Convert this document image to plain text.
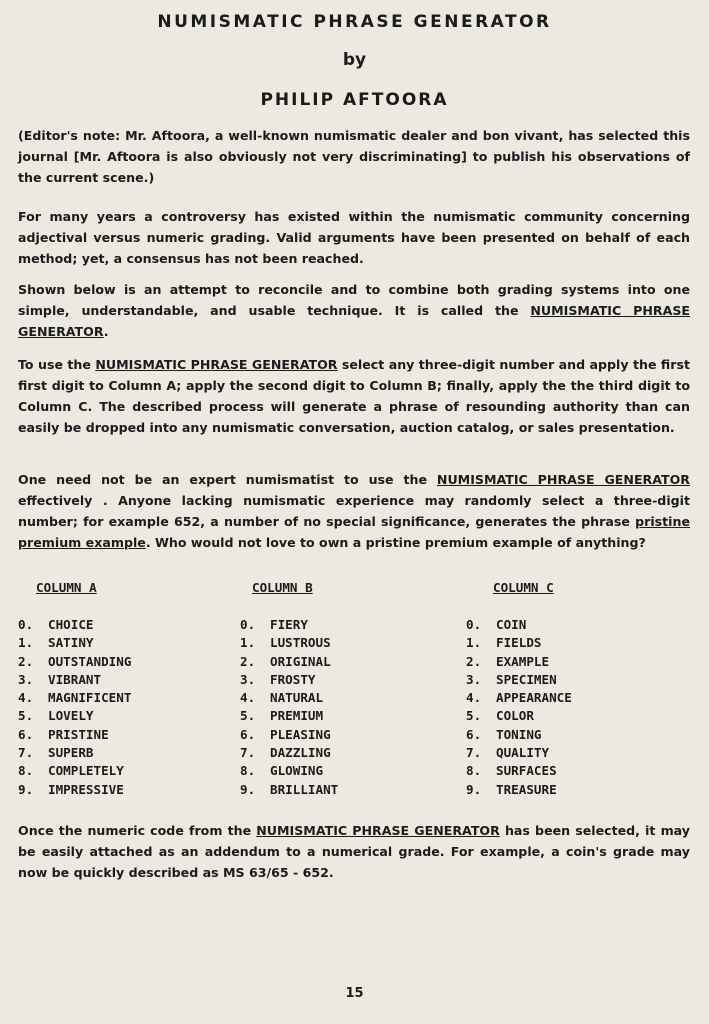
NUMISMATIC PHRASE GENERATOR
by
PHILIP AFTOORA

(Editor's note: Mr. Aftoora, a well-known numismatic dealer and bon vivant, has selected this journal [Mr. Aftoora is also obviously not very discriminating] to publish his observations of the current scene.)

For many years a controversy has existed within the numismatic community concerning adjectival versus numeric grading. Valid arguments have been presented on behalf of each method; yet, a consensus has not been reached.

Shown below is an attempt to reconcile and to combine both grading systems into one simple, understandable, and usable technique. It is called the NUMISMATIC PHRASE GENERATOR.

To use the NUMISMATIC PHRASE GENERATOR select any three-digit number and apply the first first digit to Column A; apply the second digit to Column B; finally, apply the the third digit to Column C. The described process will generate a phrase of resounding authority than can easily be dropped into any numismatic conversation, auction catalog, or sales presentation.

One need not be an expert numismatist to use the NUMISMATIC PHRASE GENERATOR effectively . Anyone lacking numismatic experience may randomly select a three-digit number; for example 652, a number of no special significance, generates the phrase pristine premium example. Who would not love to own a pristine premium example of anything?

COLUMN A	COLUMN B	COLUMN C
0. CHOICE
1. SATINY
2. OUTSTANDING
3. VIBRANT
4. MAGNIFICENT
5. LOVELY
6. PRISTINE
7. SUPERB
8. COMPLETELY
9. IMPRESSIVE
0. FIERY
1. LUSTROUS
2. ORIGINAL
3. FROSTY
4. NATURAL
5. PREMIUM
6. PLEASING
7. DAZZLING
8. GLOWING
9. BRILLIANT
0. COIN
1. FIELDS
2. EXAMPLE
3. SPECIMEN
4. APPEARANCE
5. COLOR
6. TONING
7. QUALITY
8. SURFACES
9. TREASURE

Once the numeric code from the NUMISMATIC PHRASE GENERATOR has been selected, it may be easily attached as an addendum to a numerical grade. For example, a coin's grade may now be quickly described as MS 63/65 - 652.

15
